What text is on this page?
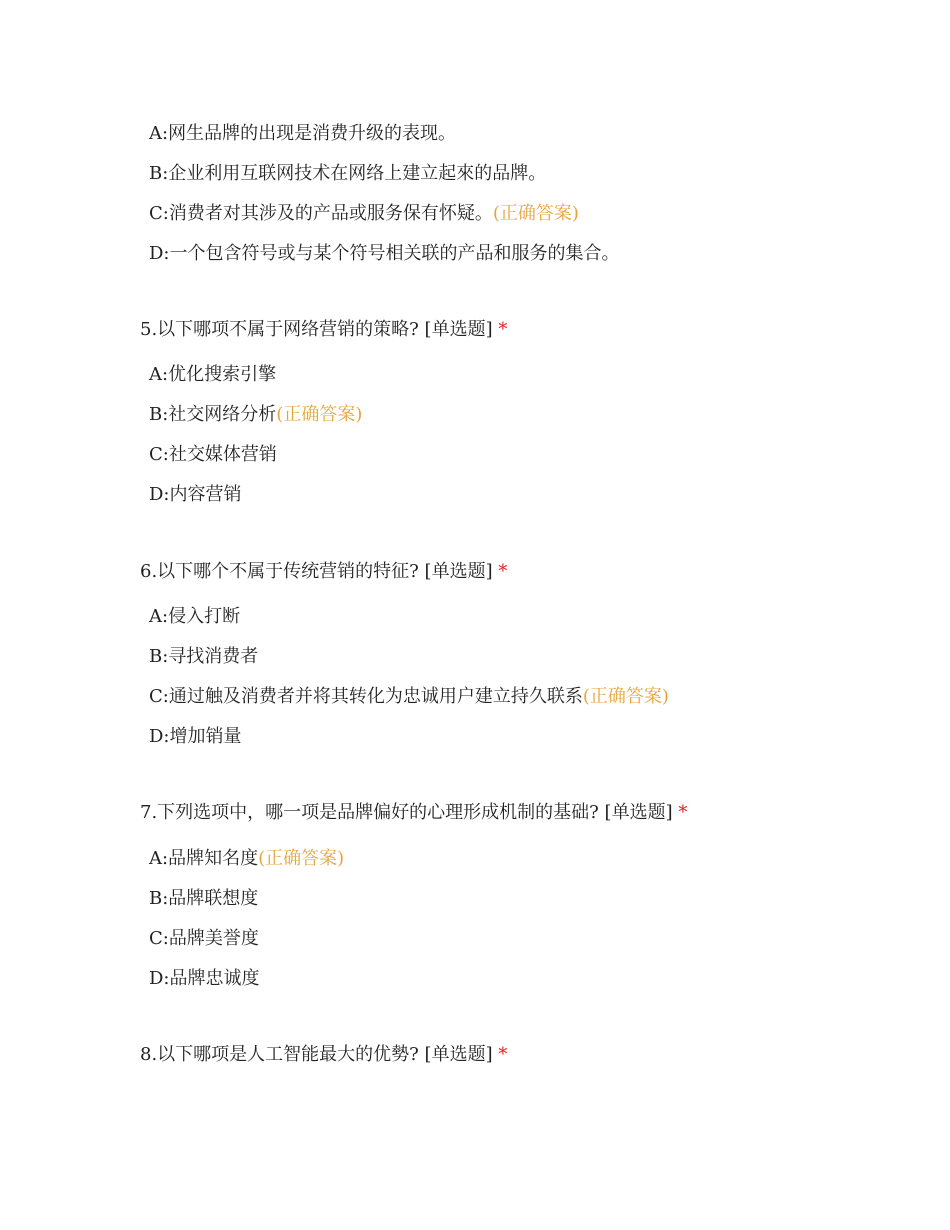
A:网生品牌的出现是消费升级的表现。
B:企业利用互联网技术在网络上建立起來的品牌。
C:消费者对其涉及的产品或服务保有怀疑。(正确答案)
D:一个包含符号或与某个符号相关联的产品和服务的集合。
5.以下哪项不属于网络营销的策略? [单选题] *
A:优化搜索引擎
B:社交网络分析(正确答案)
C:社交媒体营销
D:内容营销
6.以下哪个不属于传统营销的特征? [单选题] *
A:侵入打断
B:寻找消费者
C:通过触及消费者并将其转化为忠诚用户建立持久联系(正确答案)
D:增加销量
7.下列选项中，哪一项是品牌偏好的心理形成机制的基础? [单选题] *
A:品牌知名度(正确答案)
B:品牌联想度
C:品牌美誉度
D:品牌忠诚度
8.以下哪项是人工智能最大的优勢? [单选题] *
